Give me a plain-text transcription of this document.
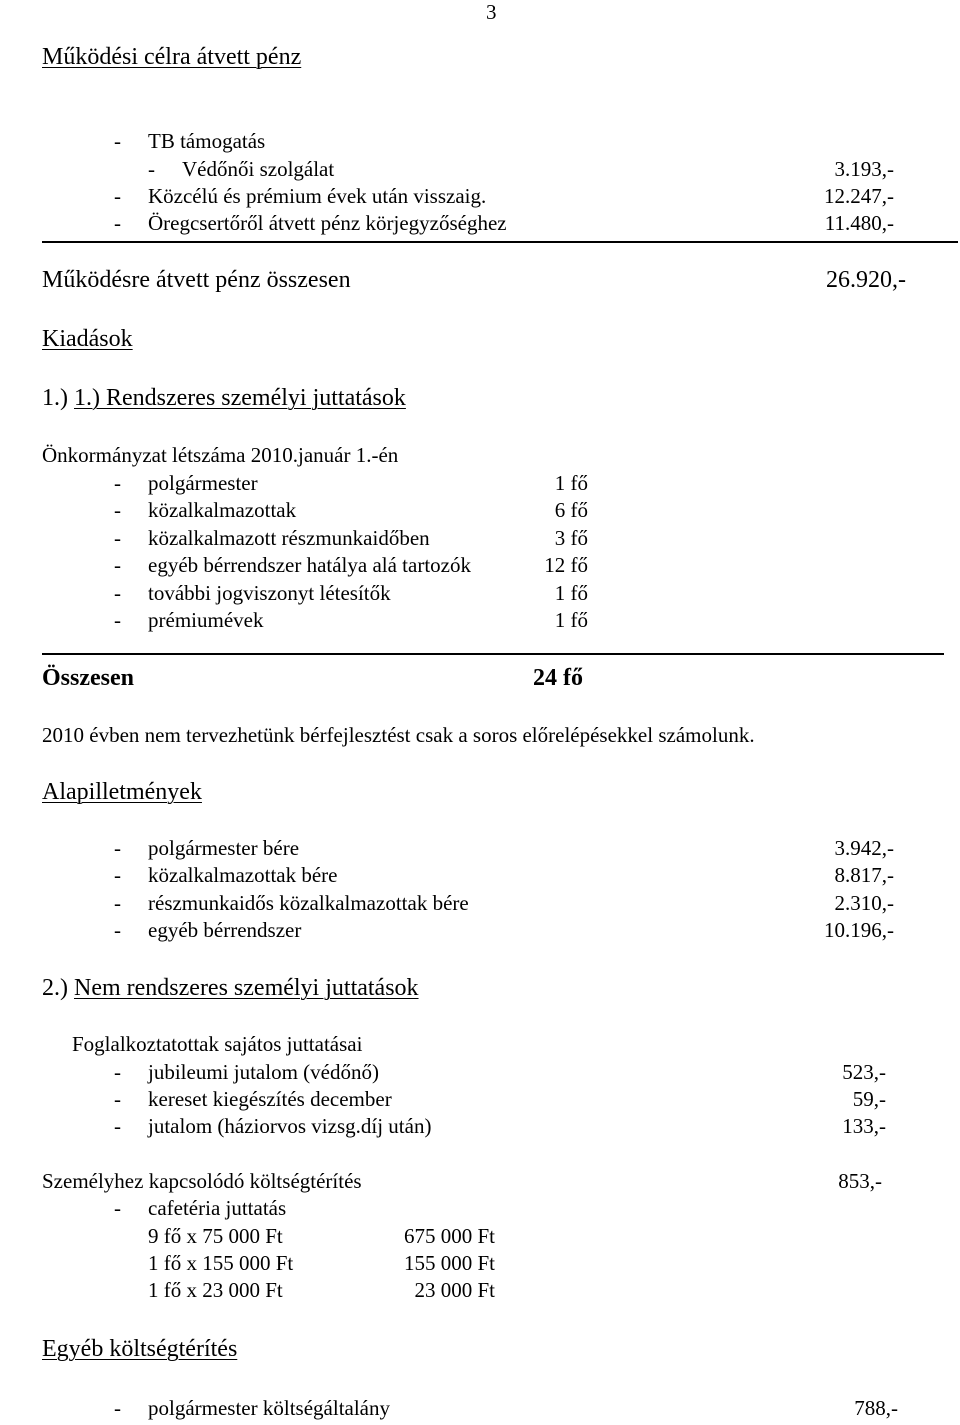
3
Működési célra átvett pénz
- TB támogatás
- Védőnői szolgálat	3.193,-
- Közcélú és prémium évek után visszaig.	12.247,-
- Öregcsertőről átvett pénz körjegyzőséghez	11.480,-
Működésre átvett pénz összesen	26.920,-
Kiadások
1.) 1.) Rendszeres személyi juttatások
Önkormányzat létszáma 2010.január 1.-én
- polgármester	1 fő
- közalkalmazottak	6 fő
- közalkalmazott részmunkaidőben	3 fő
- egyéb bérrendszer hatálya alá tartozók	12 fő
- további jogviszonyt létesítők	1 fő
- prémiumévek	1 fő
Összesen	24 fő
2010 évben nem tervezhetünk bérfejlesztést csak a soros előrelépésekkel számolunk.
Alapilletmények
- polgármester bére	3.942,-
- közalkalmazottak bére	8.817,-
- részmunkaidős közalkalmazottak bére	2.310,-
- egyéb bérrendszer	10.196,-
2.) Nem rendszeres személyi juttatások
Foglalkoztatottak sajátos juttatásai
- jubileumi jutalom (védőnő)	523,-
- kereset kiegészítés december	59,-
- jutalom (háziorvos vizsg.díj után)	133,-
Személyhez kapcsolódó költségtérítés	853,-
- cafetéria juttatás
9 fő x 75 000 Ft	675 000 Ft
1 fő x 155 000 Ft	155 000 Ft
1 fő x 23 000 Ft	23 000 Ft
Egyéb költségtérítés
- polgármester költségáltalány	788,-
